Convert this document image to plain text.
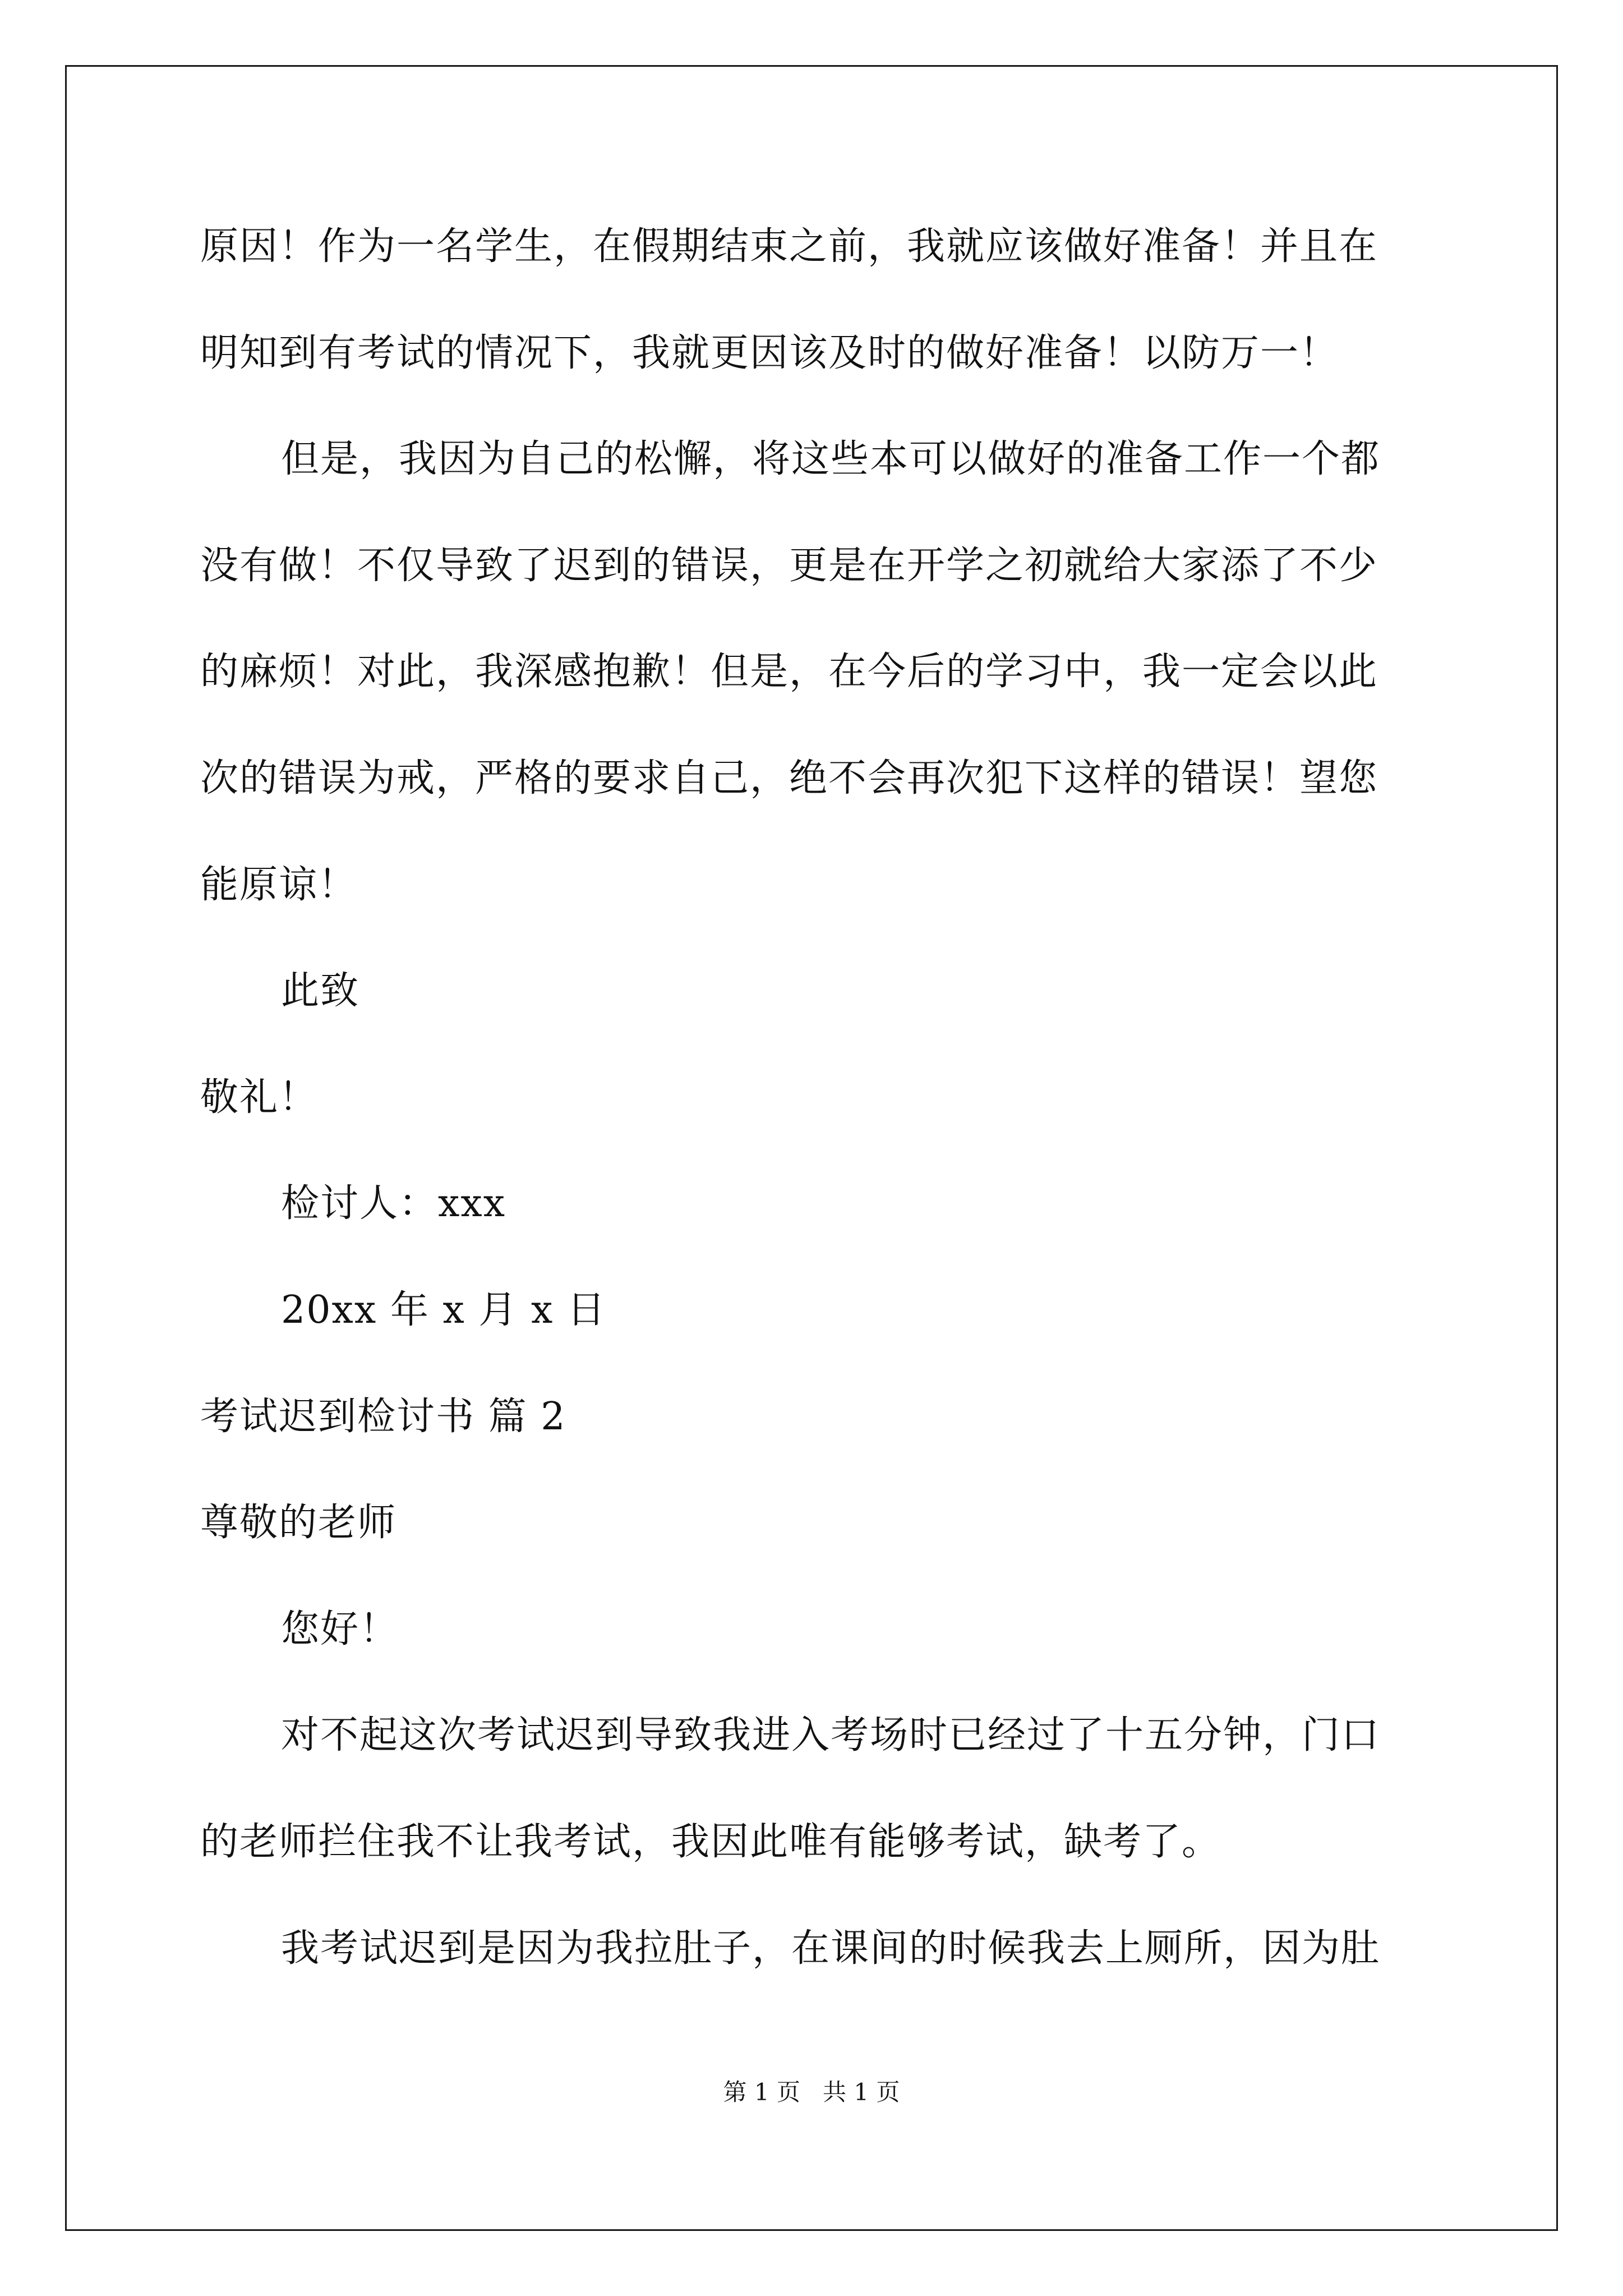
原因！作为一名学生，在假期结束之前，我就应该做好准备！并且在
明知到有考试的情况下，我就更因该及时的做好准备！以防万一！
但是，我因为自己的松懈，将这些本可以做好的准备工作一个都
没有做！不仅导致了迟到的错误，更是在开学之初就给大家添了不少
的麻烦！对此，我深感抱歉！但是，在今后的学习中，我一定会以此
次的错误为戒，严格的要求自己，绝不会再次犯下这样的错误！望您
能原谅！
此致
敬礼！
检讨人：xxx
20xx 年 x 月 x 日
考试迟到检讨书 篇 2
尊敬的老师
您好！
对不起这次考试迟到导致我进入考场时已经过了十五分钟，门口
的老师拦住我不让我考试，我因此唯有能够考试，缺考了。
我考试迟到是因为我拉肚子，在课间的时候我去上厕所，因为肚
第 1 页   共 1 页
